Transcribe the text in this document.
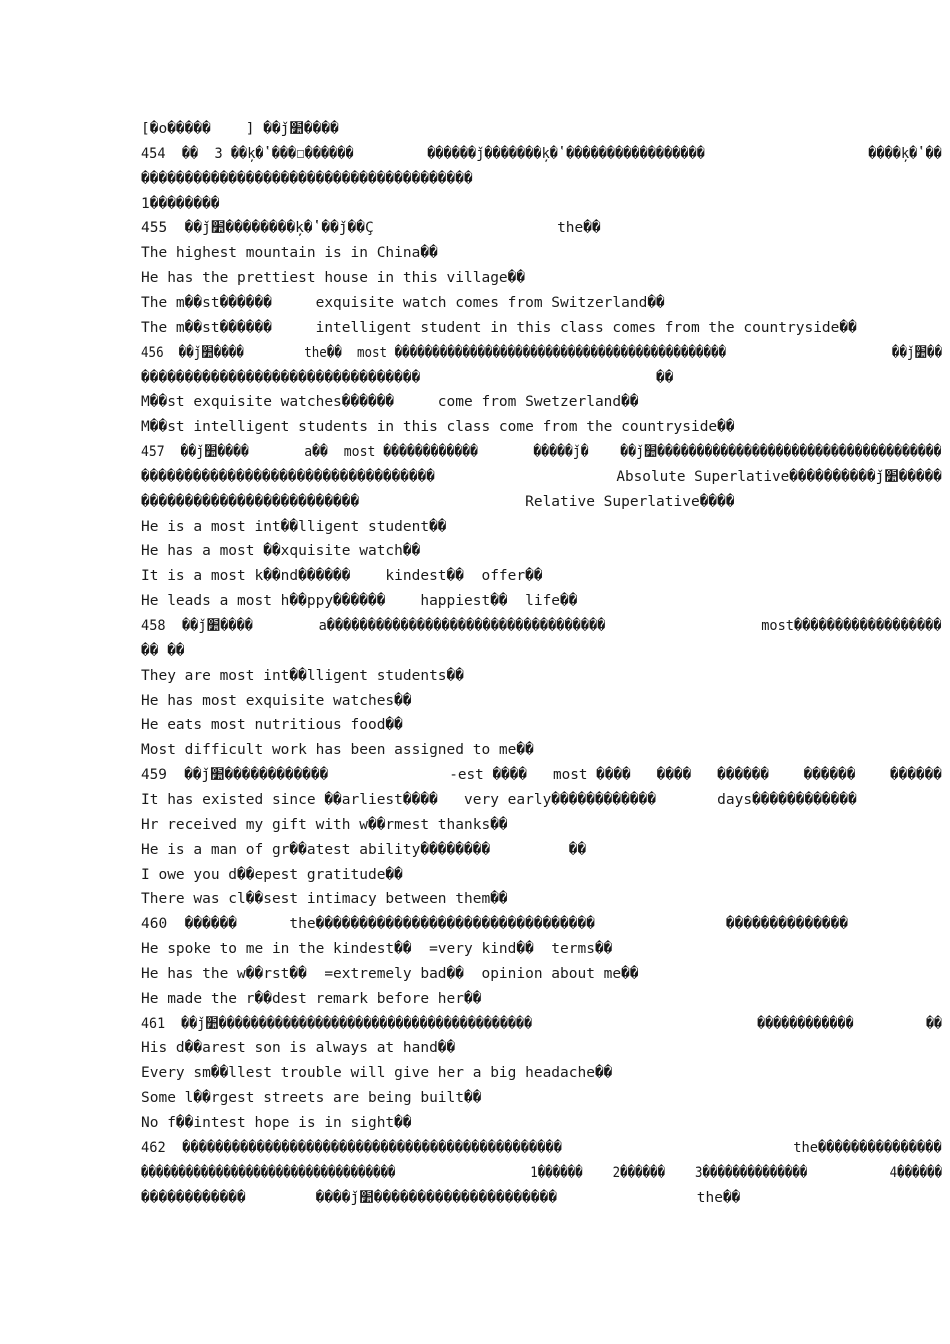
[�ο�����    ] ��ǰ׺����
454  ��  3 ��ķ�ʽ���﾿������         ������ǰ�������ķ�ʽ�����������������                    ����ķ�ʽ��
��������������������������������������
1��������
455  ��ǰ׺��������ķ�ʽ��ǰ��Ҫ                     the��
The highest mountain is in China��
He has the prettiest house in this village��
The m��st������     exquisite watch comes from Switzerland��
The m��st������     intelligent student in this class comes from the countryside��
456  ��ǰ׺����        the��  most ��������������������������������������������                      ��ǰ׺��
��������������������������������                           ��
M��st exquisite watches������     come from Swetzerland��
M��st intelligent students in this class come from the countryside��
457  ��ǰ׺����       a��  most ������������       �����ǰ�    ��ǰ׺������������������������������������
����������������������������������                     Absolute Superlative����������ǰ׺�����
�������������������������                   Relative Superlative����
He is a most int��lligent student��
He has a most ��xquisite watch��
It is a most k��nd������    kindest��  offer��
He leads a most h��ppy������    happiest��  life��
458  ��ǰ׺����        a����������������������������������                   most������������������
�� ��
They are most int��lligent students��
He has most exquisite watches��
He eats most nutritious food��
Most difficult work has been assigned to me��
459  ��ǰ׺������������              -est ����   most ����   ����   ������    ������    ������
It has existed since ��arliest����   very early������������       days������������
Hr received my gift with w��rmest thanks��
He is a man of gr��atest ability��������         ��
I owe you d��epest gratitude��
There was cl��sest intimacy between them��
460  ������      the��������������������������������               ��������������
He spoke to me in the kindest��  =very kind��  terms��
He has the w��rst��  =extremely bad��  opinion about me��
He made the r��dest remark before her��
461  ��ǰ׺���������������������������������������                            ������������         ��
His d��arest son is always at hand��
Every sm��llest trouble will give her a big headache��
Some l��rgest streets are being built��
No f��intest hope is in sight��
462  ����������������������������������������������                            the���������������
����������������������������������                  1������    2������    3��������������           4������
������������        ����ǰ׺���������������������                the��
